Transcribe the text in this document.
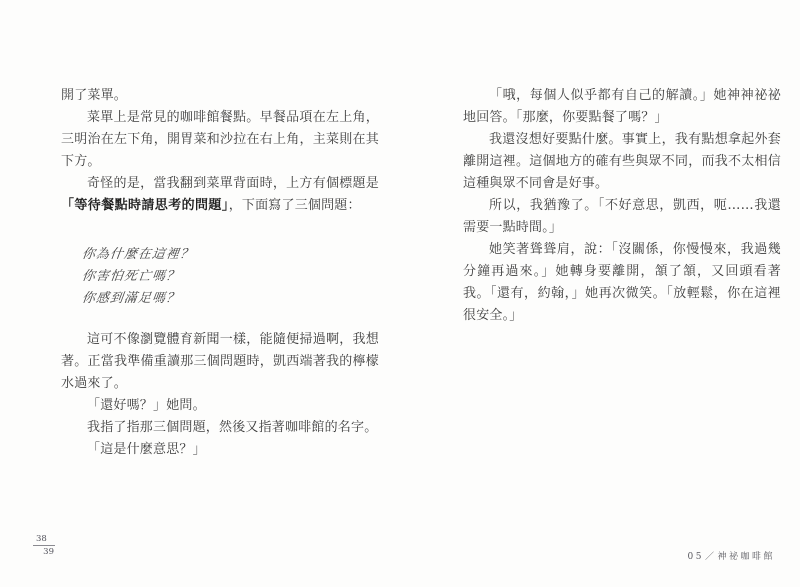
開了菜單。

菜單上是常見的咖啡館餐點。早餐品項在左上角，三明治在左下角，開胃菜和沙拉在右上角，主菜則在其下方。

奇怪的是，當我翻到菜單背面時，上方有個標題是「等待餐點時請思考的問題」，下面寫了三個問題：

你為什麼在這裡？

你害怕死亡嗎？

你感到滿足嗎？

這可不像瀏覽體育新聞一樣，能隨便掃過啊，我想著。正當我準備重讀那三個問題時，凱西端著我的檸檬水過來了。

「還好嗎？」她問。

我指了指那三個問題，然後又指著咖啡館的名字。

「這是什麼意思？」

38
39

「哦，每個人似乎都有自己的解讀。」她神神祕祕地回答。「那麼，你要點餐了嗎？」

我還沒想好要點什麼。事實上，我有點想拿起外套離開這裡。這個地方的確有些與眾不同，而我不太相信這種與眾不同會是好事。

所以，我猶豫了。「不好意思，凱西，呃……我還需要一點時間。」

她笑著聳聳肩，說：「沒關係，你慢慢來，我過幾分鐘再過來。」她轉身要離開，頷了頷，又回頭看著我。「還有，約翰，」她再次微笑。「放輕鬆，你在這裡很安全。」

05／神祕咖啡館
